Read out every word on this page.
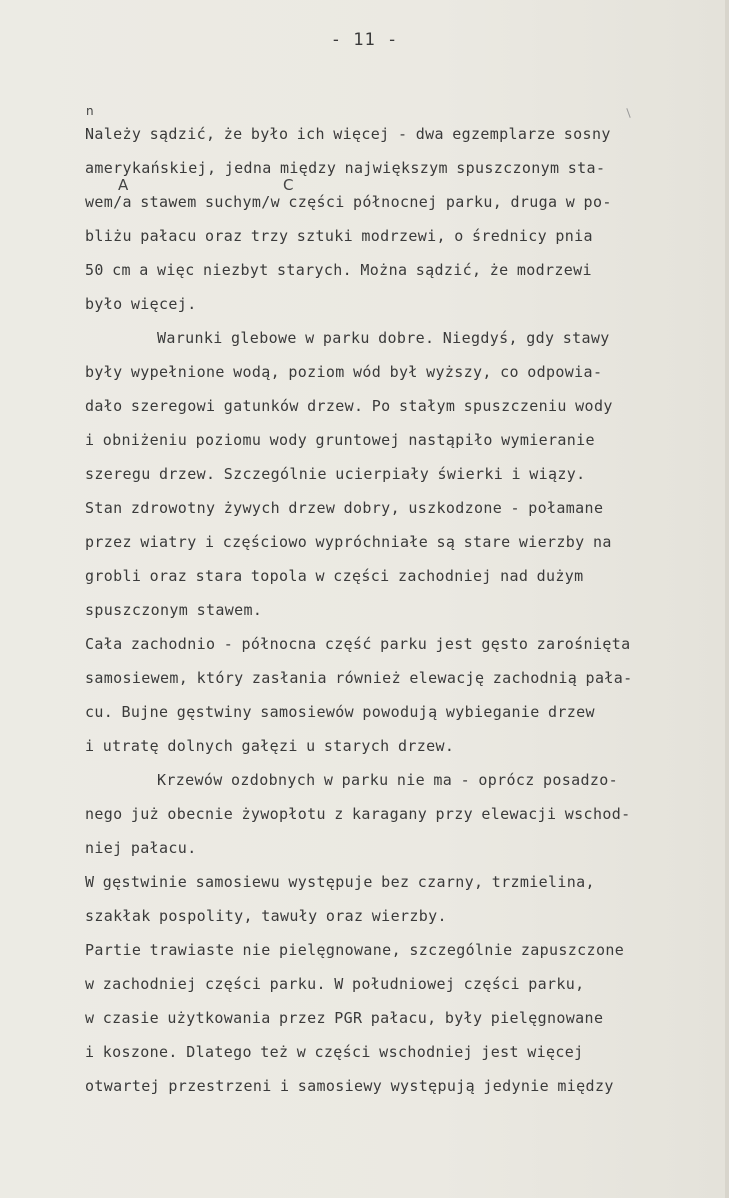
- 11 -
n
A	C
Należy sądzić, że było ich więcej - dwa egzemplarze sosny
amerykańskiej, jedna między największym spuszczonym sta-
wem/a stawem suchym/w części północnej parku, druga w po-
bliżu pałacu oraz trzy sztuki modrzewi, o średnicy pnia
50 cm a więc niezbyt starych. Można sądzić, że modrzewi
było więcej.
Warunki glebowe w parku dobre. Niegdyś, gdy stawy
były wypełnione wodą, poziom wód był wyższy, co odpowia-
dało szeregowi gatunków drzew. Po stałym spuszczeniu wody
i obniżeniu poziomu wody gruntowej nastąpiło wymieranie
szeregu drzew. Szczególnie ucierpiały świerki i wiązy.
Stan zdrowotny żywych drzew dobry, uszkodzone - połamane
przez wiatry i częściowo wypróchniałe są stare wierzby na
grobli oraz stara topola w części zachodniej nad dużym
spuszczonym stawem.
Cała zachodnio - północna część parku jest gęsto zarośnięta
samosiewem, który zasłania również elewację zachodnią pała-
cu. Bujne gęstwiny samosiewów powodują wybieganie drzew
i utratę dolnych gałęzi u starych drzew.
Krzewów ozdobnych w parku nie ma - oprócz posadzo-
nego już obecnie żywopłotu z karagany przy elewacji wschod-
niej pałacu.
W gęstwinie samosiewu występuje bez czarny, trzmielina,
szakłak pospolity, tawuły oraz wierzby.
Partie trawiaste nie pielęgnowane, szczególnie zapuszczone
w zachodniej części parku. W południowej części parku,
w czasie użytkowania przez PGR pałacu, były pielęgnowane
i koszone. Dlatego też w części wschodniej jest więcej
otwartej przestrzeni i samosiewy występują jedynie między
